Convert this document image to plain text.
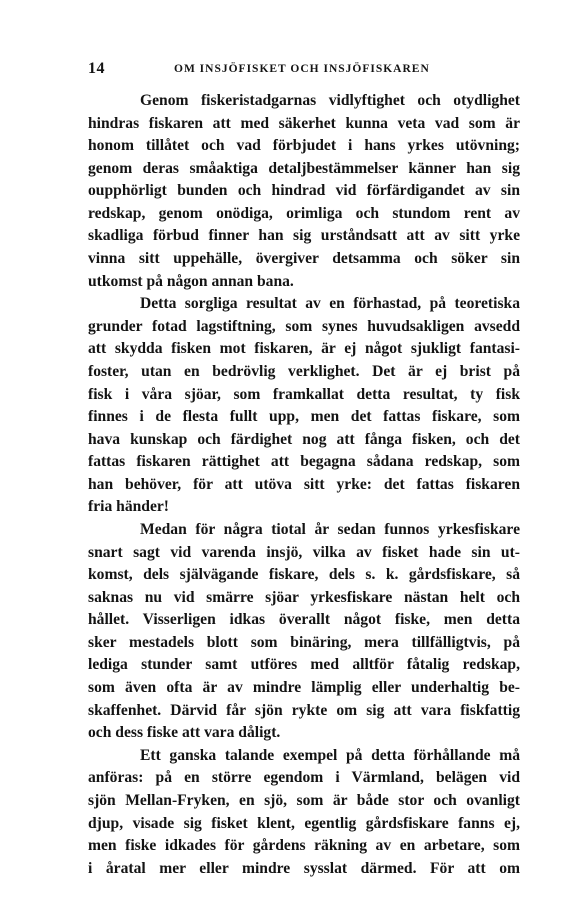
14	OM INSJÖFISKET OCH INSJÖFISKAREN
Genom fiskeristadgarnas vidlyftighet och otydlighet
hindras fiskaren att med säkerhet kunna veta vad som är
honom tillåtet och vad förbjudet i hans yrkes utövning;
genom deras småaktiga detaljbestämmelser känner han sig
oupphörligt bunden och hindrad vid förfärdigandet av sin
redskap, genom onödiga, orimliga och stundom rent av
skadliga förbud finner han sig urståndsatt att av sitt yrke
vinna sitt uppehälle, övergiver detsamma och söker sin
utkomst på någon annan bana.
Detta sorgliga resultat av en förhastad, på teoretiska
grunder fotad lagstiftning, som synes huvudsakligen avsedd
att skydda fisken mot fiskaren, är ej något sjukligt fantasi-
foster, utan en bedrövlig verklighet. Det är ej brist på
fisk i våra sjöar, som framkallat detta resultat, ty fisk
finnes i de flesta fullt upp, men det fattas fiskare, som
hava kunskap och färdighet nog att fånga fisken, och det
fattas fiskaren rättighet att begagna sådana redskap, som
han behöver, för att utöva sitt yrke: det fattas fiskaren
fria händer!
Medan för några tiotal år sedan funnos yrkesfiskare
snart sagt vid varenda insjö, vilka av fisket hade sin ut-
komst, dels självägande fiskare, dels s. k. gårdsfiskare, så
saknas nu vid smärre sjöar yrkesfiskare nästan helt och
hållet. Visserligen idkas överallt något fiske, men detta
sker mestadels blott som binäring, mera tillfälligtvis, på
lediga stunder samt utföres med alltför fåtalig redskap,
som även ofta är av mindre lämplig eller underhaltig be-
skaffenhet. Därvid får sjön rykte om sig att vara fiskfattig
och dess fiske att vara dåligt.
Ett ganska talande exempel på detta förhållande må
anföras: på en större egendom i Värmland, belägen vid
sjön Mellan-Fryken, en sjö, som är både stor och ovanligt
djup, visade sig fisket klent, egentlig gårdsfiskare fanns ej,
men fiske idkades för gårdens räkning av en arbetare, som
i åratal mer eller mindre sysslat därmed. För att om
